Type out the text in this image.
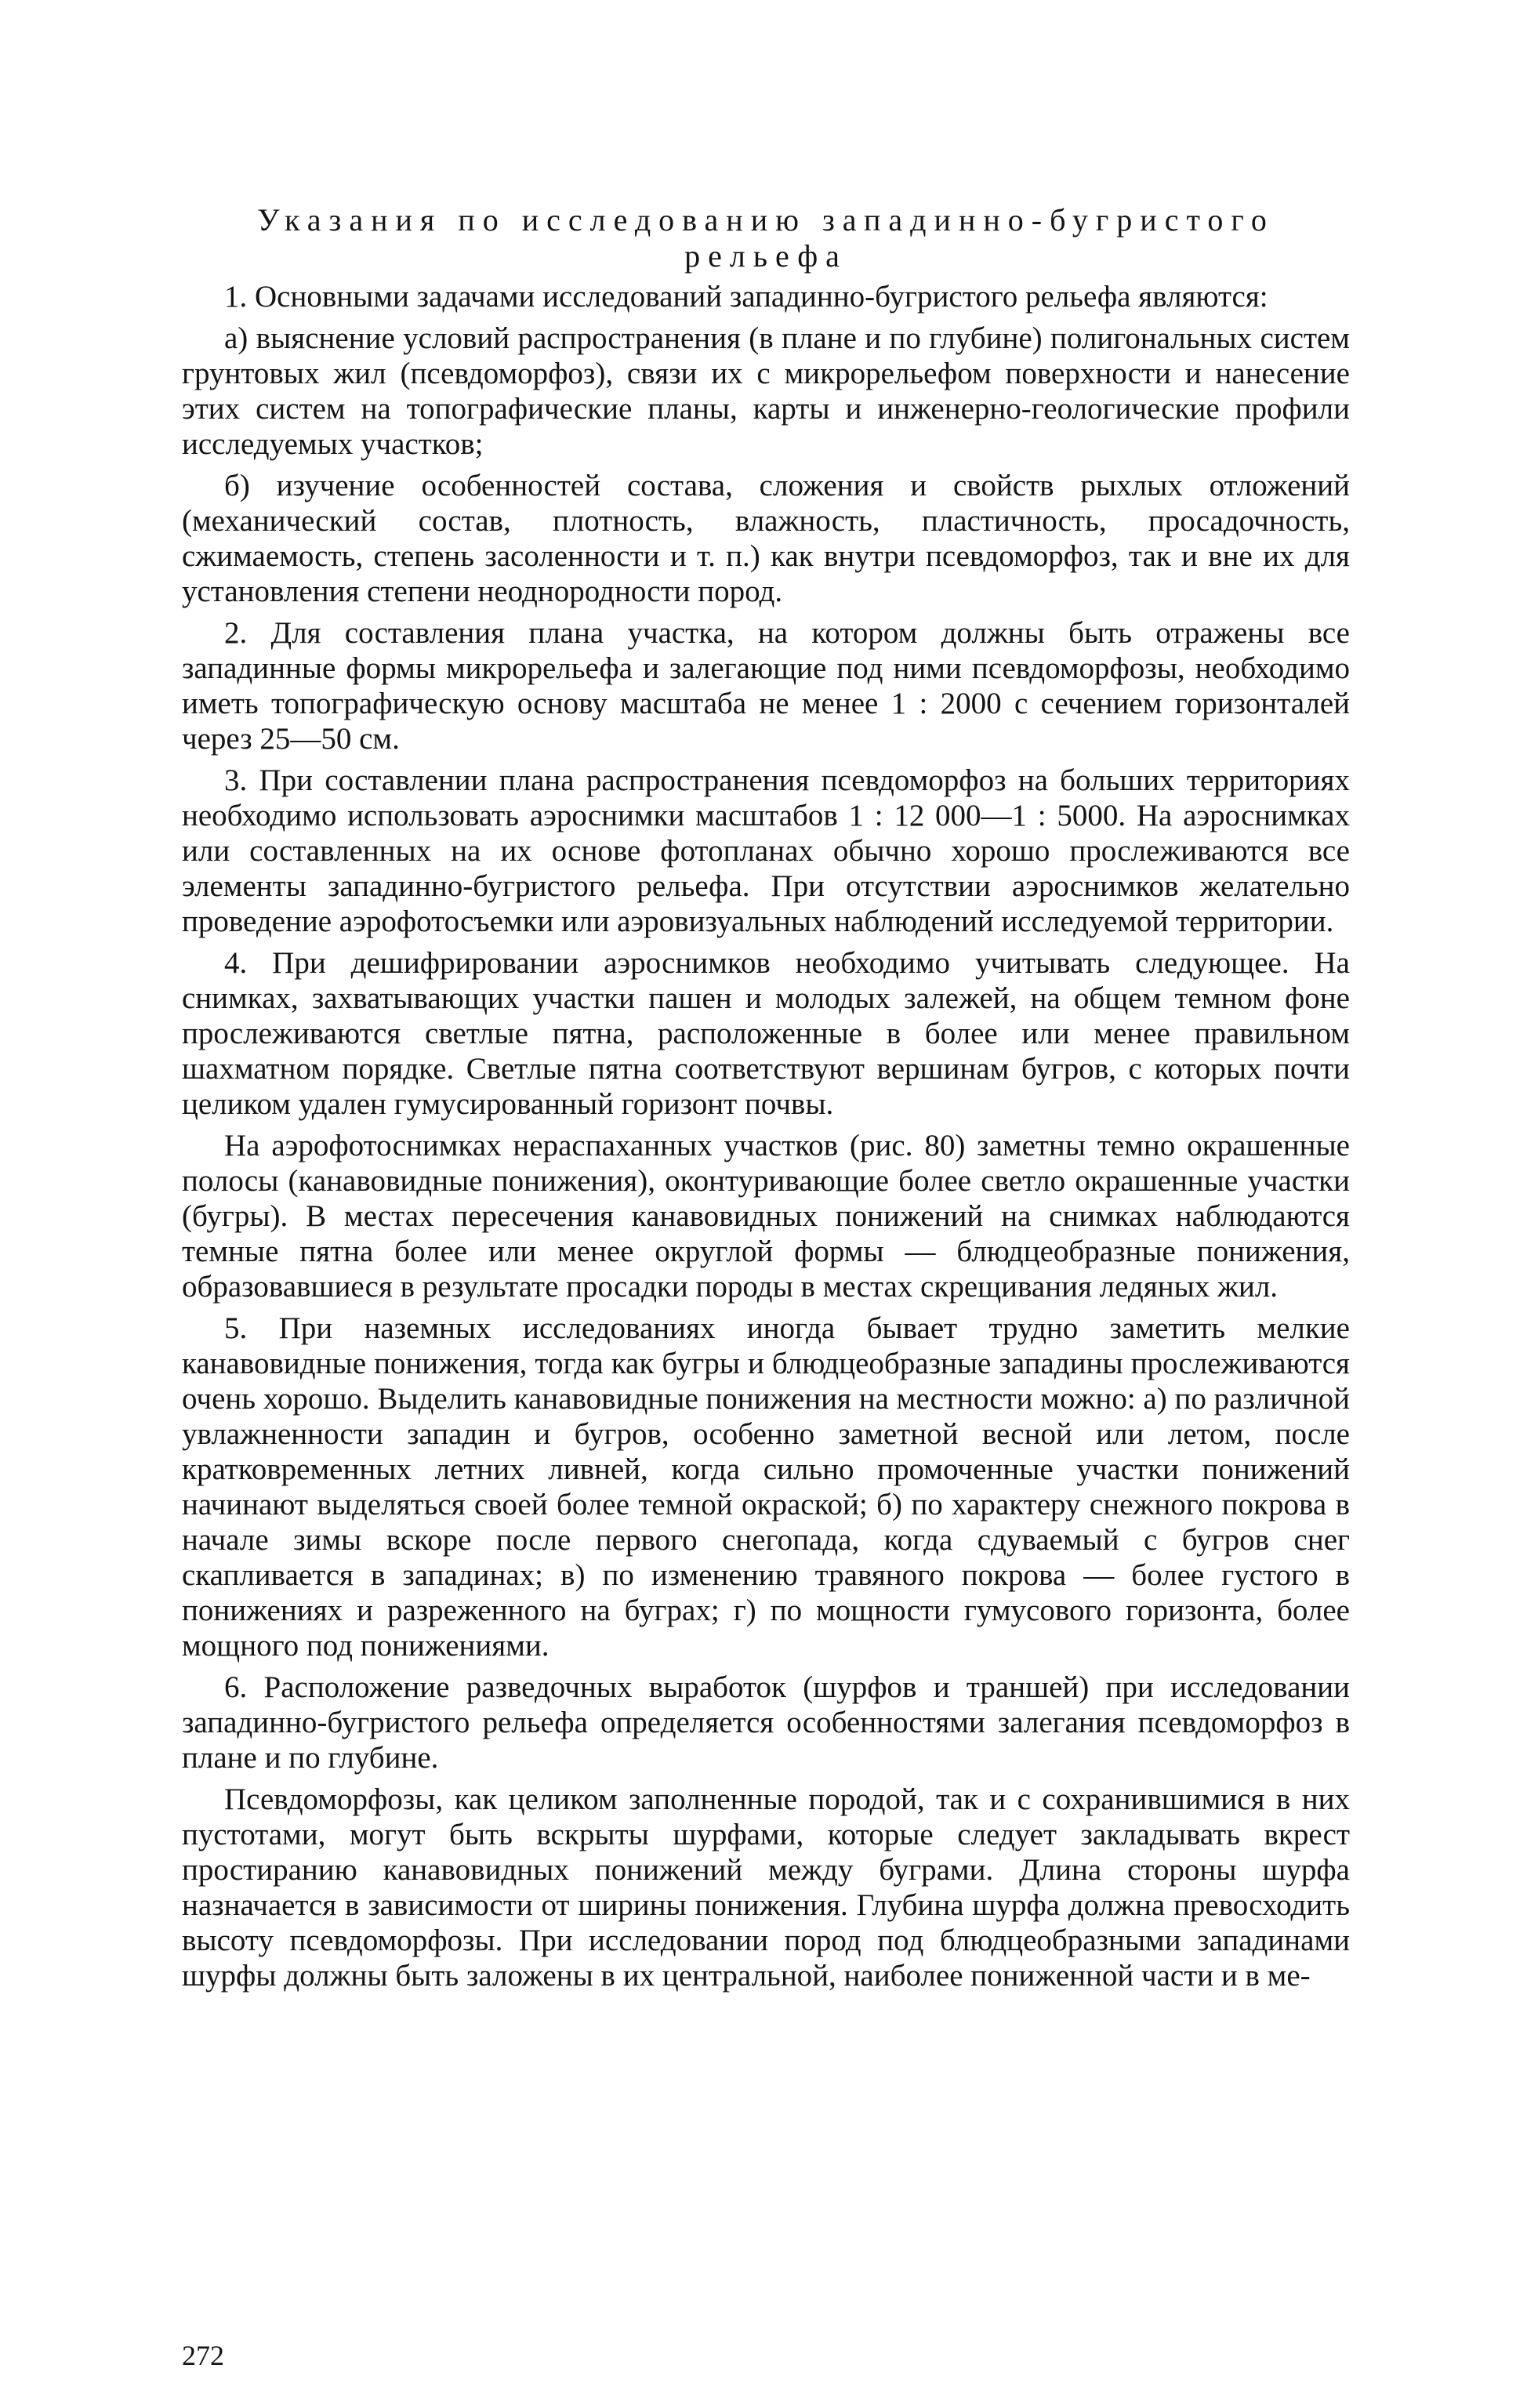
Указания по исследованию западинно-бугристого рельефа

1. Основными задачами исследований западинно-бугристого рельефа являются:

а) выяснение условий распространения (в плане и по глубине) полигональных систем грунтовых жил (псевдоморфоз), связи их с микрорельефом поверхности и нанесение этих систем на топографические планы, карты и инженерно-геологические профили исследуемых участков;

б) изучение особенностей состава, сложения и свойств рыхлых отложений (механический состав, плотность, влажность, пластичность, просадочность, сжимаемость, степень засоленности и т. п.) как внутри псевдоморфоз, так и вне их для установления степени неоднородности пород.

2. Для составления плана участка, на котором должны быть отражены все западинные формы микрорельефа и залегающие под ними псевдоморфозы, необходимо иметь топографическую основу масштаба не менее 1 : 2000 с сечением горизонталей через 25—50 см.

3. При составлении плана распространения псевдоморфоз на больших территориях необходимо использовать аэроснимки масштабов 1 : 12 000—1 : 5000. На аэроснимках или составленных на их основе фотопланах обычно хорошо прослеживаются все элементы западинно-бугристого рельефа. При отсутствии аэроснимков желательно проведение аэрофотосъемки или аэровизуальных наблюдений исследуемой территории.

4. При дешифрировании аэроснимков необходимо учитывать следующее. На снимках, захватывающих участки пашен и молодых залежей, на общем темном фоне прослеживаются светлые пятна, расположенные в более или менее правильном шахматном порядке. Светлые пятна соответствуют вершинам бугров, с которых почти целиком удален гумусированный горизонт почвы.

На аэрофотоснимках нераспаханных участков (рис. 80) заметны темно окрашенные полосы (канавовидные понижения), оконтуривающие более светло окрашенные участки (бугры). В местах пересечения канавовидных понижений на снимках наблюдаются темные пятна более или менее округлой формы — блюдцеобразные понижения, образовавшиеся в результате просадки породы в местах скрещивания ледяных жил.

5. При наземных исследованиях иногда бывает трудно заметить мелкие канавовидные понижения, тогда как бугры и блюдцеобразные западины прослеживаются очень хорошо. Выделить канавовидные понижения на местности можно: а) по различной увлажненности западин и бугров, особенно заметной весной или летом, после кратковременных летних ливней, когда сильно промоченные участки понижений начинают выделяться своей более темной окраской; б) по характеру снежного покрова в начале зимы вскоре после первого снегопада, когда сдуваемый с бугров снег скапливается в западинах; в) по изменению травяного покрова — более густого в понижениях и разреженного на буграх; г) по мощности гумусового горизонта, более мощного под понижениями.

6. Расположение разведочных выработок (шурфов и траншей) при исследовании западинно-бугристого рельефа определяется особенностями залегания псевдоморфоз в плане и по глубине.

Псевдоморфозы, как целиком заполненные породой, так и с сохранившимися в них пустотами, могут быть вскрыты шурфами, которые следует закладывать вкрест простиранию канавовидных понижений между буграми. Длина стороны шурфа назначается в зависимости от ширины понижения. Глубина шурфа должна превосходить высоту псевдоморфозы. При исследовании пород под блюдцеобразными западинами шурфы должны быть заложены в их центральной, наиболее пониженной части и в ме-

272
